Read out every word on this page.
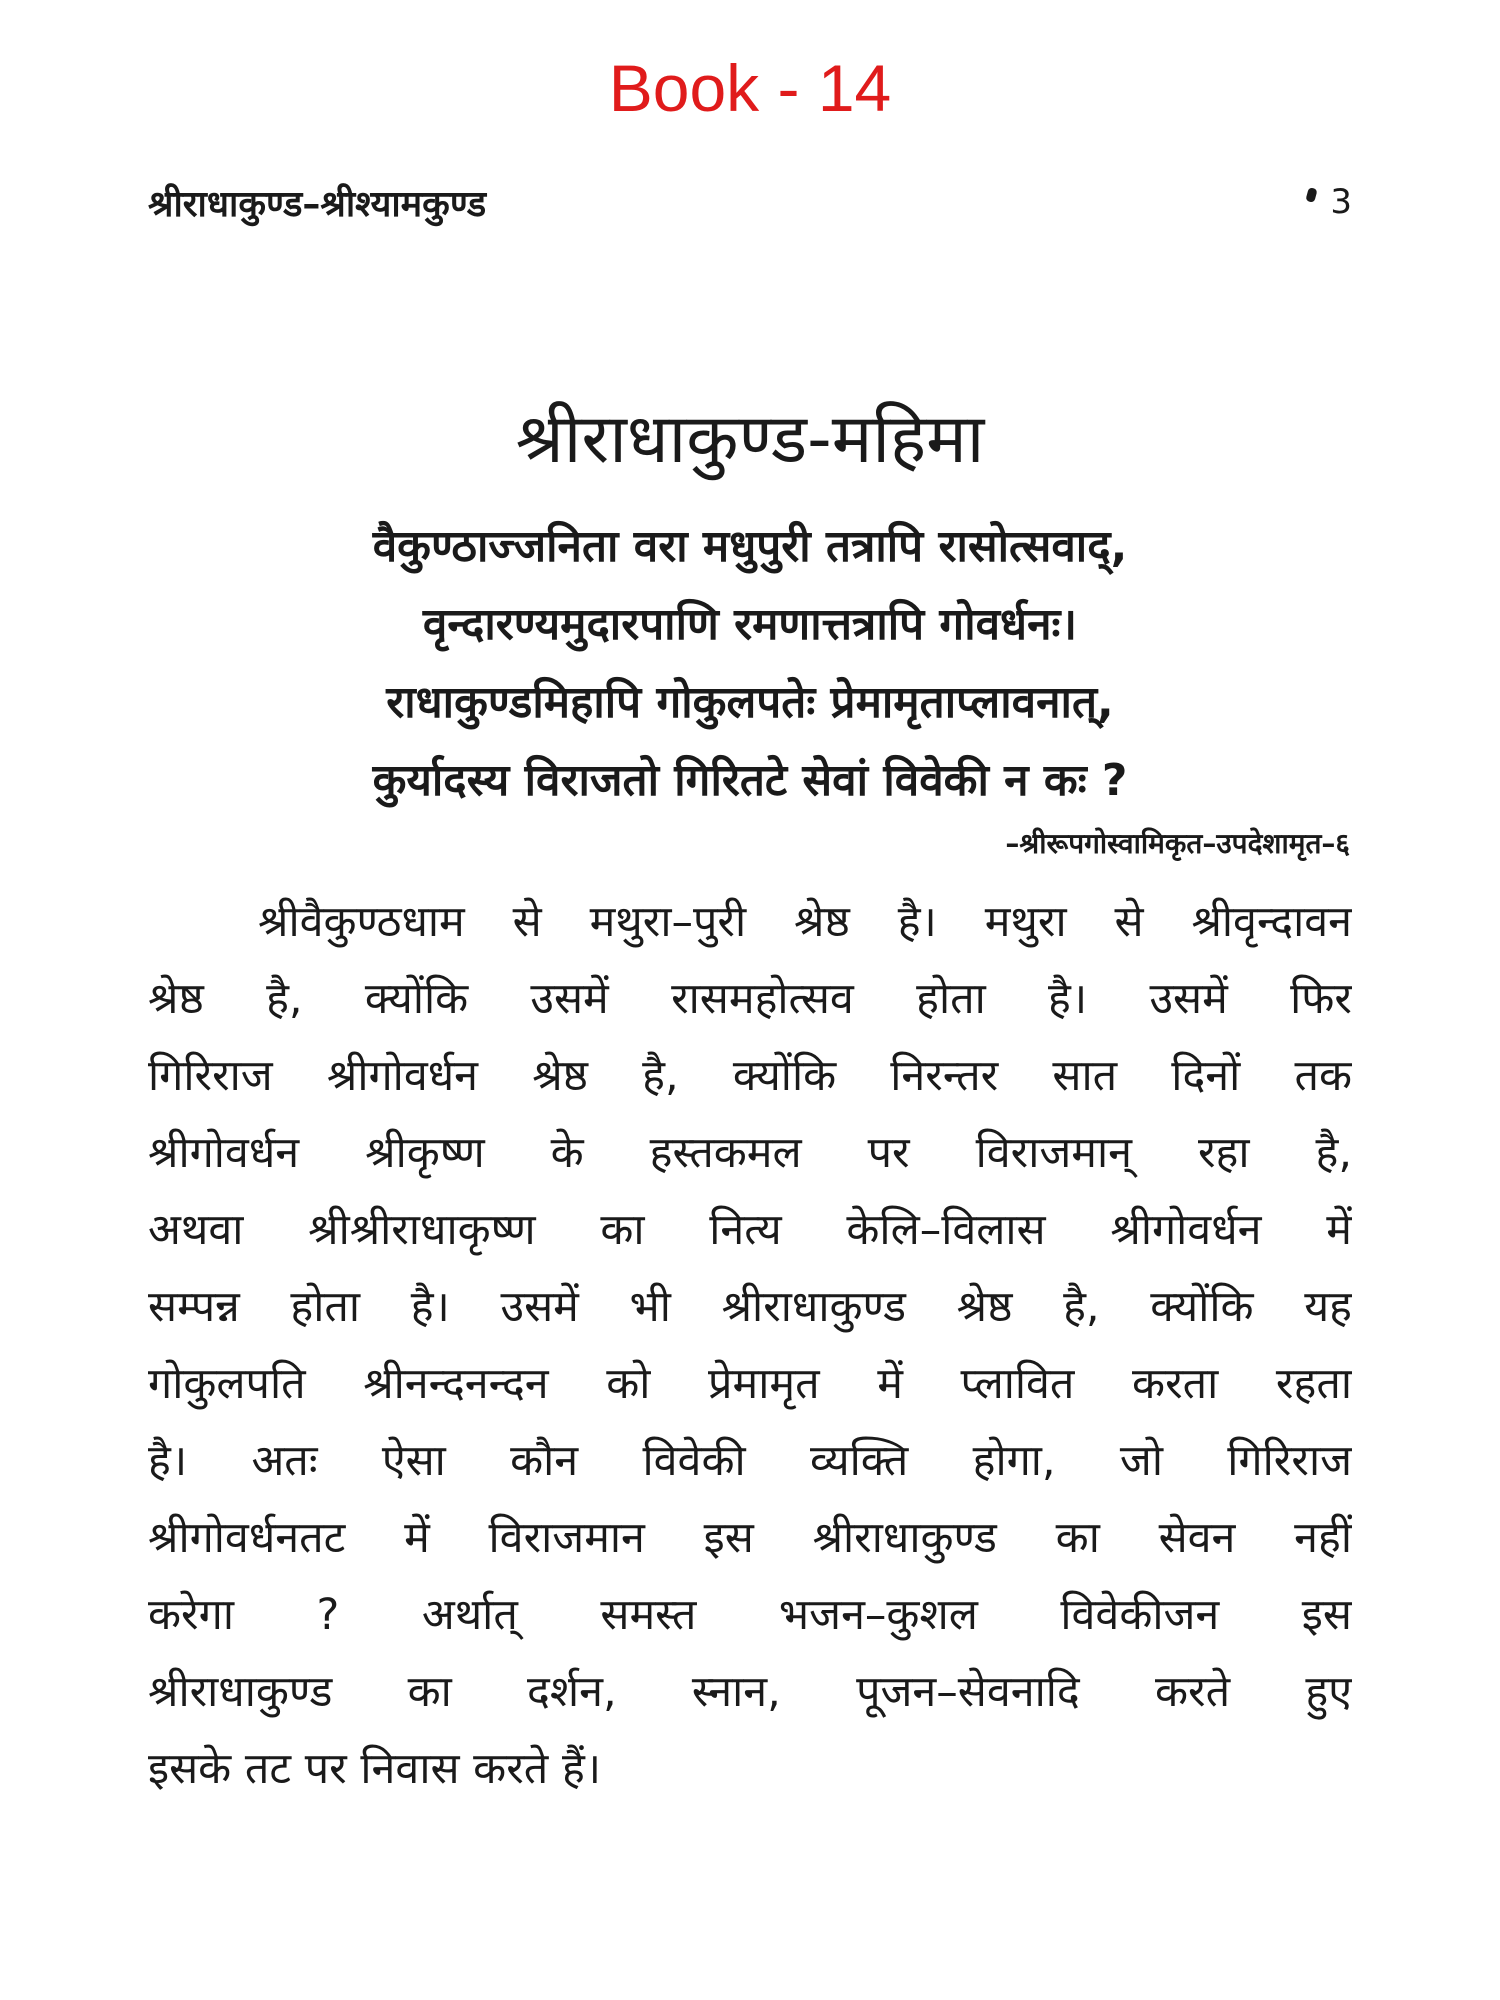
Book - 14
श्रीराधाकुण्ड–श्रीश्यामकुण्ड	3
श्रीराधाकुण्ड-महिमा
वैकुण्ठाज्जनिता वरा मधुपुरी तत्रापि रासोत्सवाद्,
वृन्दारण्यमुदारपाणि रमणात्तत्रापि गोवर्धनः।
राधाकुण्डमिहापि गोकुलपतेः प्रेमामृताप्लावनात्,
कुर्यादस्य विराजतो गिरितटे सेवां विवेकी न कः ?
–श्रीरूपगोस्वामिकृत–उपदेशामृत–६
श्रीवैकुण्ठधाम से मथुरा–पुरी श्रेष्ठ है। मथुरा से श्रीवृन्दावन
श्रेष्ठ है, क्योंकि उसमें रासमहोत्सव होता है। उसमें फिर
गिरिराज श्रीगोवर्धन श्रेष्ठ है, क्योंकि निरन्तर सात दिनों तक
श्रीगोवर्धन श्रीकृष्ण के हस्तकमल पर विराजमान् रहा है,
अथवा श्रीश्रीराधाकृष्ण का नित्य केलि–विलास श्रीगोवर्धन में
सम्पन्न होता है। उसमें भी श्रीराधाकुण्ड श्रेष्ठ है, क्योंकि यह
गोकुलपति श्रीनन्दनन्दन को प्रेमामृत में प्लावित करता रहता
है। अतः ऐसा कौन विवेकी व्यक्ति होगा, जो गिरिराज
श्रीगोवर्धनतट में विराजमान इस श्रीराधाकुण्ड का सेवन नहीं
करेगा ? अर्थात् समस्त भजन–कुशल विवेकीजन इस
श्रीराधाकुण्ड का दर्शन, स्नान, पूजन–सेवनादि करते हुए
इसके तट पर निवास करते हैं।
